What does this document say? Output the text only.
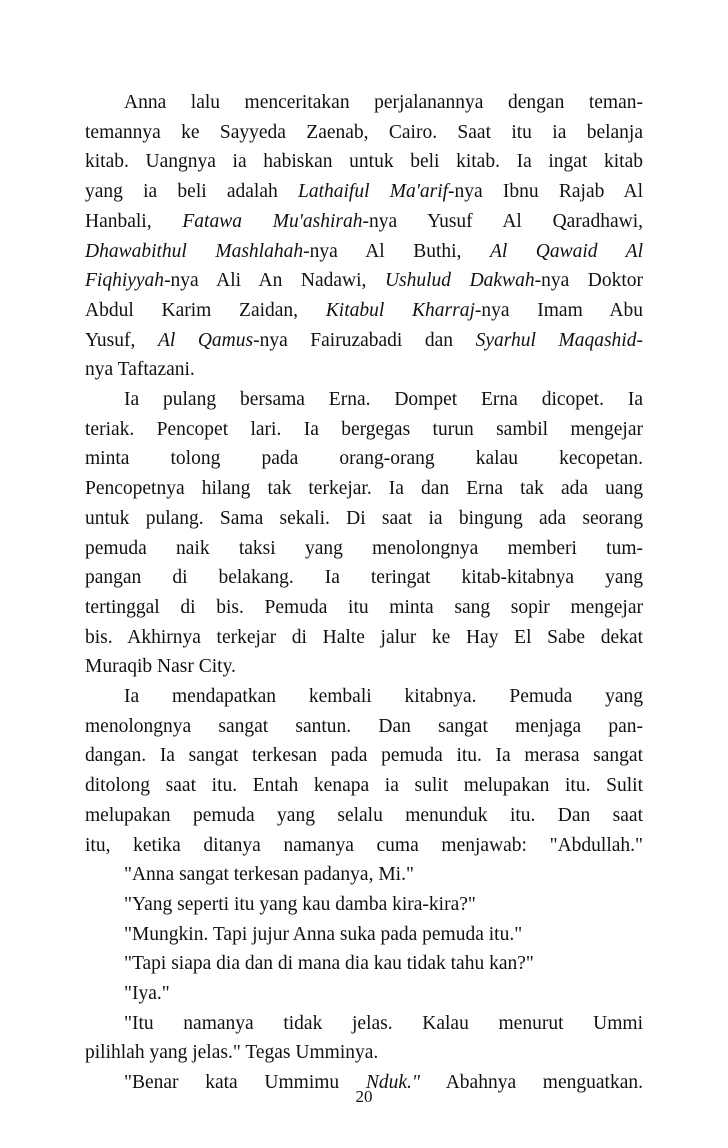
Anna lalu menceritakan perjalanannya dengan teman-
temannya ke Sayyeda Zaenab, Cairo. Saat itu ia belanja
kitab. Uangnya ia habiskan untuk beli kitab. Ia ingat kitab
yang ia beli adalah Lathaiful Ma'arif-nya Ibnu Rajab Al
Hanbali, Fatawa Mu'ashirah-nya Yusuf Al Qaradhawi,
Dhawabithul Mashlahah-nya Al Buthi, Al Qawaid Al
Fiqhiyyah-nya Ali An Nadawi, Ushulud Dakwah-nya Doktor
Abdul Karim Zaidan, Kitabul Kharraj-nya Imam Abu
Yusuf, Al Qamus-nya Fairuzabadi dan Syarhul Maqashid-
nya Taftazani.
Ia pulang bersama Erna. Dompet Erna dicopet. Ia
teriak. Pencopet lari. Ia bergegas turun sambil mengejar
minta tolong pada orang-orang kalau kecopetan.
Pencopetnya hilang tak terkejar. Ia dan Erna tak ada uang
untuk pulang. Sama sekali. Di saat ia bingung ada seorang
pemuda naik taksi yang menolongnya memberi tum-
pangan di belakang. Ia teringat kitab-kitabnya yang
tertinggal di bis. Pemuda itu minta sang sopir mengejar
bis. Akhirnya terkejar di Halte jalur ke Hay El Sabe dekat
Muraqib Nasr City.
Ia mendapatkan kembali kitabnya. Pemuda yang
menolongnya sangat santun. Dan sangat menjaga pan-
dangan. Ia sangat terkesan pada pemuda itu. Ia merasa sangat
ditolong saat itu. Entah kenapa ia sulit melupakan itu. Sulit
melupakan pemuda yang selalu menunduk itu. Dan saat
itu, ketika ditanya namanya cuma menjawab: "Abdullah."
"Anna sangat terkesan padanya, Mi."
"Yang seperti itu yang kau damba kira-kira?"
"Mungkin. Tapi jujur Anna suka pada pemuda itu."
"Tapi siapa dia dan di mana dia kau tidak tahu kan?"
"Iya."
"Itu namanya tidak jelas. Kalau menurut Ummi
pilihlah yang jelas." Tegas Umminya.
"Benar kata Ummimu Nduk." Abahnya menguatkan.
20
